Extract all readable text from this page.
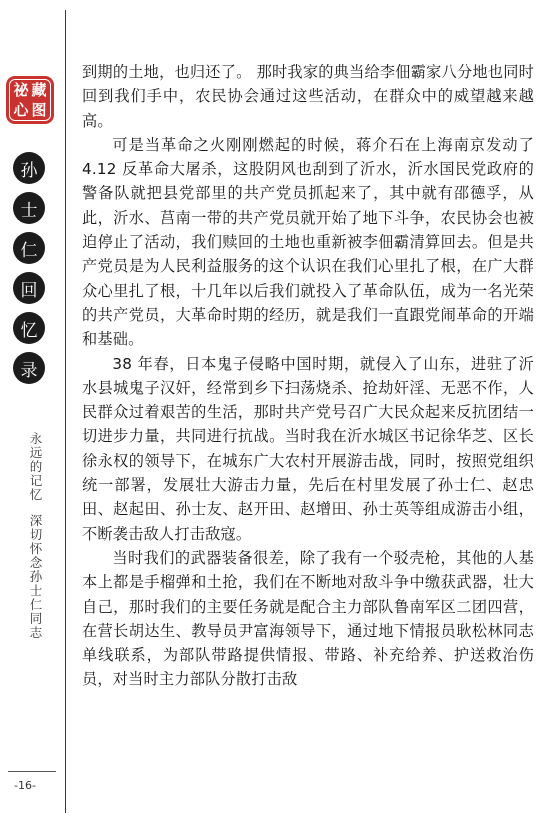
祕 藏
心 图
孙
士
仁
回
忆
录
永远的记忆深切怀念孙士仁同志
-16-

到期的土地，也归还了。 那时我家的典当给李佃霸家八分地也同时回到我们手中，农民协会通过这些活动，在群众中的威望越来越高。

可是当革命之火刚刚燃起的时候，蒋介石在上海南京发动了 4.12 反革命大屠杀，这股阴风也刮到了沂水，沂水国民党政府的警备队就把县党部里的共产党员抓起来了，其中就有邵德孚，从此，沂水、莒南一带的共产党员就开始了地下斗争，农民协会也被迫停止了活动，我们赎回的土地也重新被李佃霸清算回去。但是共产党员是为人民利益服务的这个认识在我们心里扎了根，在广大群众心里扎了根，十几年以后我们就投入了革命队伍，成为一名光荣的共产党员，大革命时期的经历，就是我们一直跟党闹革命的开端和基础。

38 年春，日本鬼子侵略中国时期，就侵入了山东，进驻了沂水县城鬼子汉奸，经常到乡下扫荡烧杀、抢劫奸淫、无恶不作，人民群众过着艰苦的生活，那时共产党号召广大民众起来反抗团结一切进步力量，共同进行抗战。当时我在沂水城区书记徐华芝、区长徐永权的领导下，在城东广大农村开展游击战，同时，按照党组织统一部署，发展壮大游击力量，先后在村里发展了孙士仁、赵忠田、赵起田、孙士友、赵开田、赵增田、孙士英等组成游击小组，不断袭击敌人打击敌寇。

当时我们的武器装备很差，除了我有一个驳壳枪，其他的人基本上都是手榴弹和土抢，我们在不断地对敌斗争中缴获武器，壮大自己，那时我们的主要任务就是配合主力部队鲁南军区二团四营，在营长胡达生、教导员尹富海领导下，通过地下情报员耿松林同志单线联系，为部队带路提供情报、带路、补充给养、护送救治伤员，对当时主力部队分散打击敌
